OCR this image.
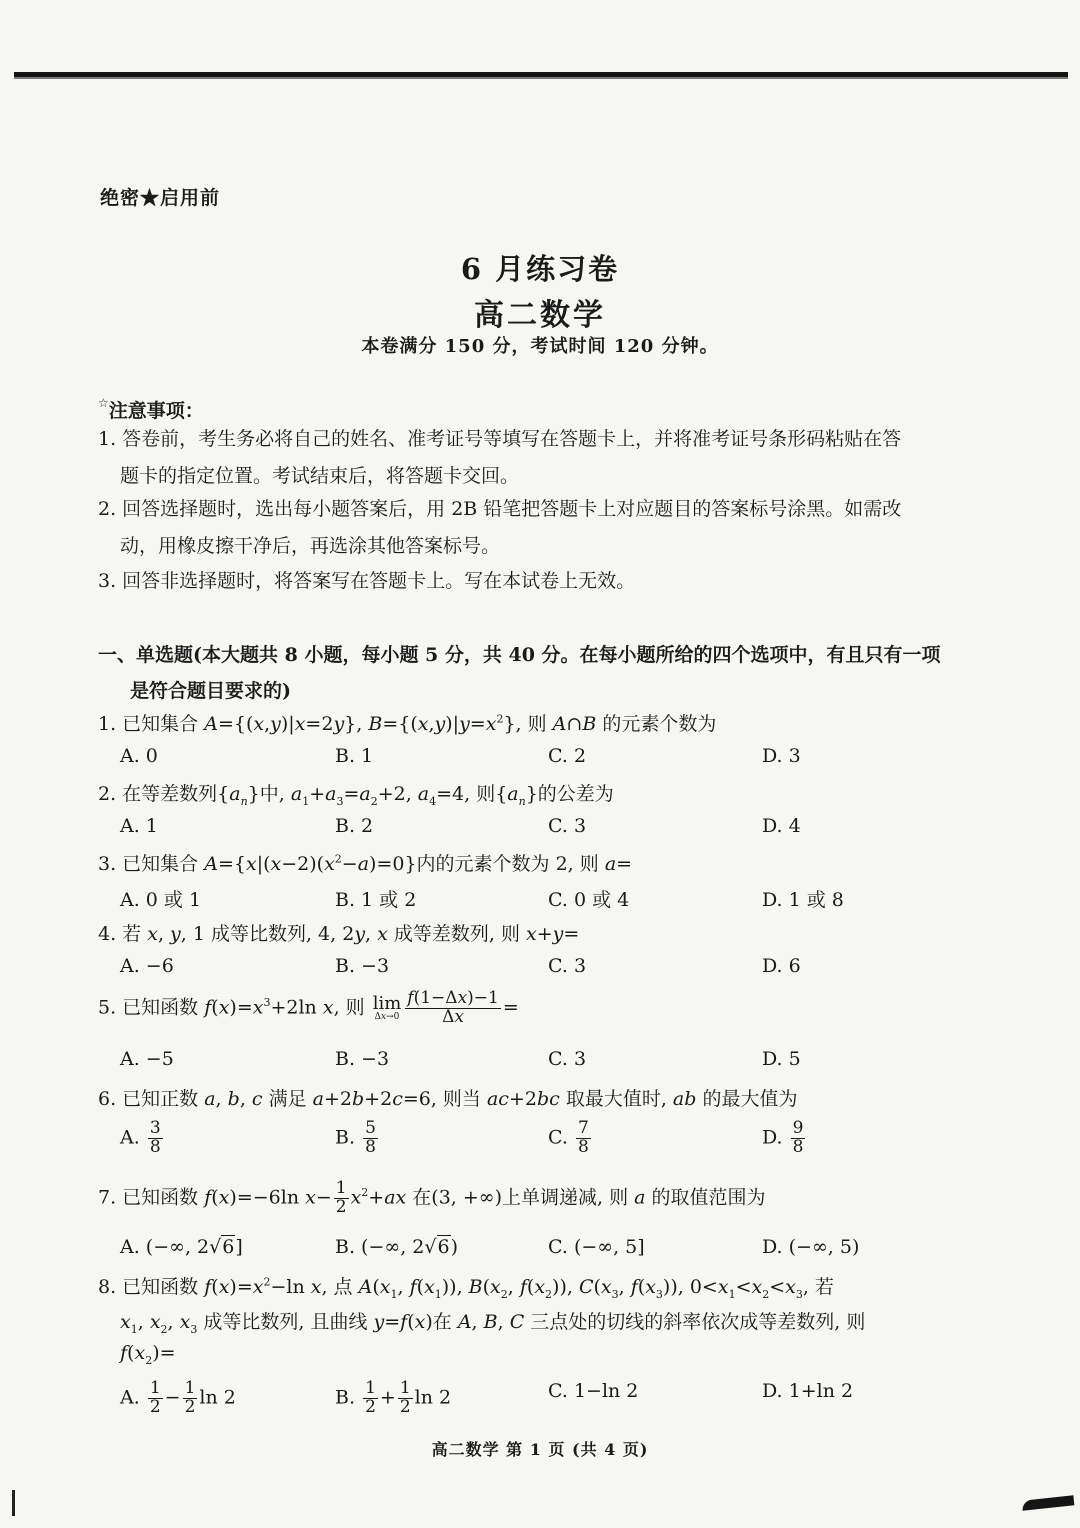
绝密★启用前
6 月练习卷
高二数学
本卷满分 150 分，考试时间 120 分钟。
☆注意事项：
1. 答卷前，考生务必将自己的姓名、准考证号等填写在答题卡上，并将准考证号条形码粘贴在答
题卡的指定位置。考试结束后，将答题卡交回。
2. 回答选择题时，选出每小题答案后，用 2B 铅笔把答题卡上对应题目的答案标号涂黑。如需改
动，用橡皮擦干净后，再选涂其他答案标号。
3. 回答非选择题时，将答案写在答题卡上。写在本试卷上无效。
一、单选题(本大题共 8 小题，每小题 5 分，共 40 分。在每小题所给的四个选项中，有且只有一项
是符合题目要求的)
1. 已知集合 A={(x,y)|x=2y}, $B=\{(x,y)|y=x^2\}$, 则 A∩B 的元素个数为
A. 0	B. 1	C. 2	D. 3
2. 在等差数列$\{a_n\}$中, $a_1+a_3=a_2+2$, $a_4=4$, 则$\{a_n\}$的公差为
A. 1	B. 2	C. 3	D. 4
3. 已知集合 $A=\{x|(x-2)(x^2-a)=0\}$内的元素个数为 2, 则 a=
A. 0 或 1	B. 1 或 2	C. 0 或 4	D. 1 或 8
4. 若 x, y, 1 成等比数列, 4, 2y, x 成等差数列, 则 x+y=
A. −6	B. −3	C. 3	D. 6
5. 已知函数 $f(x)=x^3+2\ln$ x, 则 lim
$\Delta x\to 0 \frac{f(1-\Delta x)-1}{\Delta x}$ =
A. −5	B. −3	C. 3	D. 5
6. 已知正数 a, b, c 满足 a+2b+2c=6, 则当 ac+2bc 取最大值时, ab 的最大值为
A. $\frac{3}{8}$	B. $\frac{5}{8}$	C. $\frac{7}{8}$	D. $\frac{9}{8}$
7. 已知函数 f(x)=−6ln $x- \frac{1}{2} x^2+ax$ 在(3, +∞)上单调递减, 则 a 的取值范围为
A. (−∞, 2√6]	B. (−∞, 2√6)	C. (−∞, 5]	D. (−∞, 5)
8. 已知函数 $f(x)=x^2-\ln$ x, 点 $A(x_1$, $f(x_1)$), $B(x_2$, $f(x_2)$), $C(x_3$, $f(x_3)$), $0<x_1<x_2<x_3$, 若
$x_1$, $x_2$, $x_3$ 成等比数列, 且曲线 y=f(x)在 A, B, C 三点处的切线的斜率依次成等差数列, 则
$f(x_2)=$
A. $\frac{1}{2} - \frac{1}{2}$ ln 2	B. $\frac{1}{2} + \frac{1}{2}$ ln 2	C. 1−ln 2	D. 1+ln 2
高二数学 第 1 页 (共 4 页)
